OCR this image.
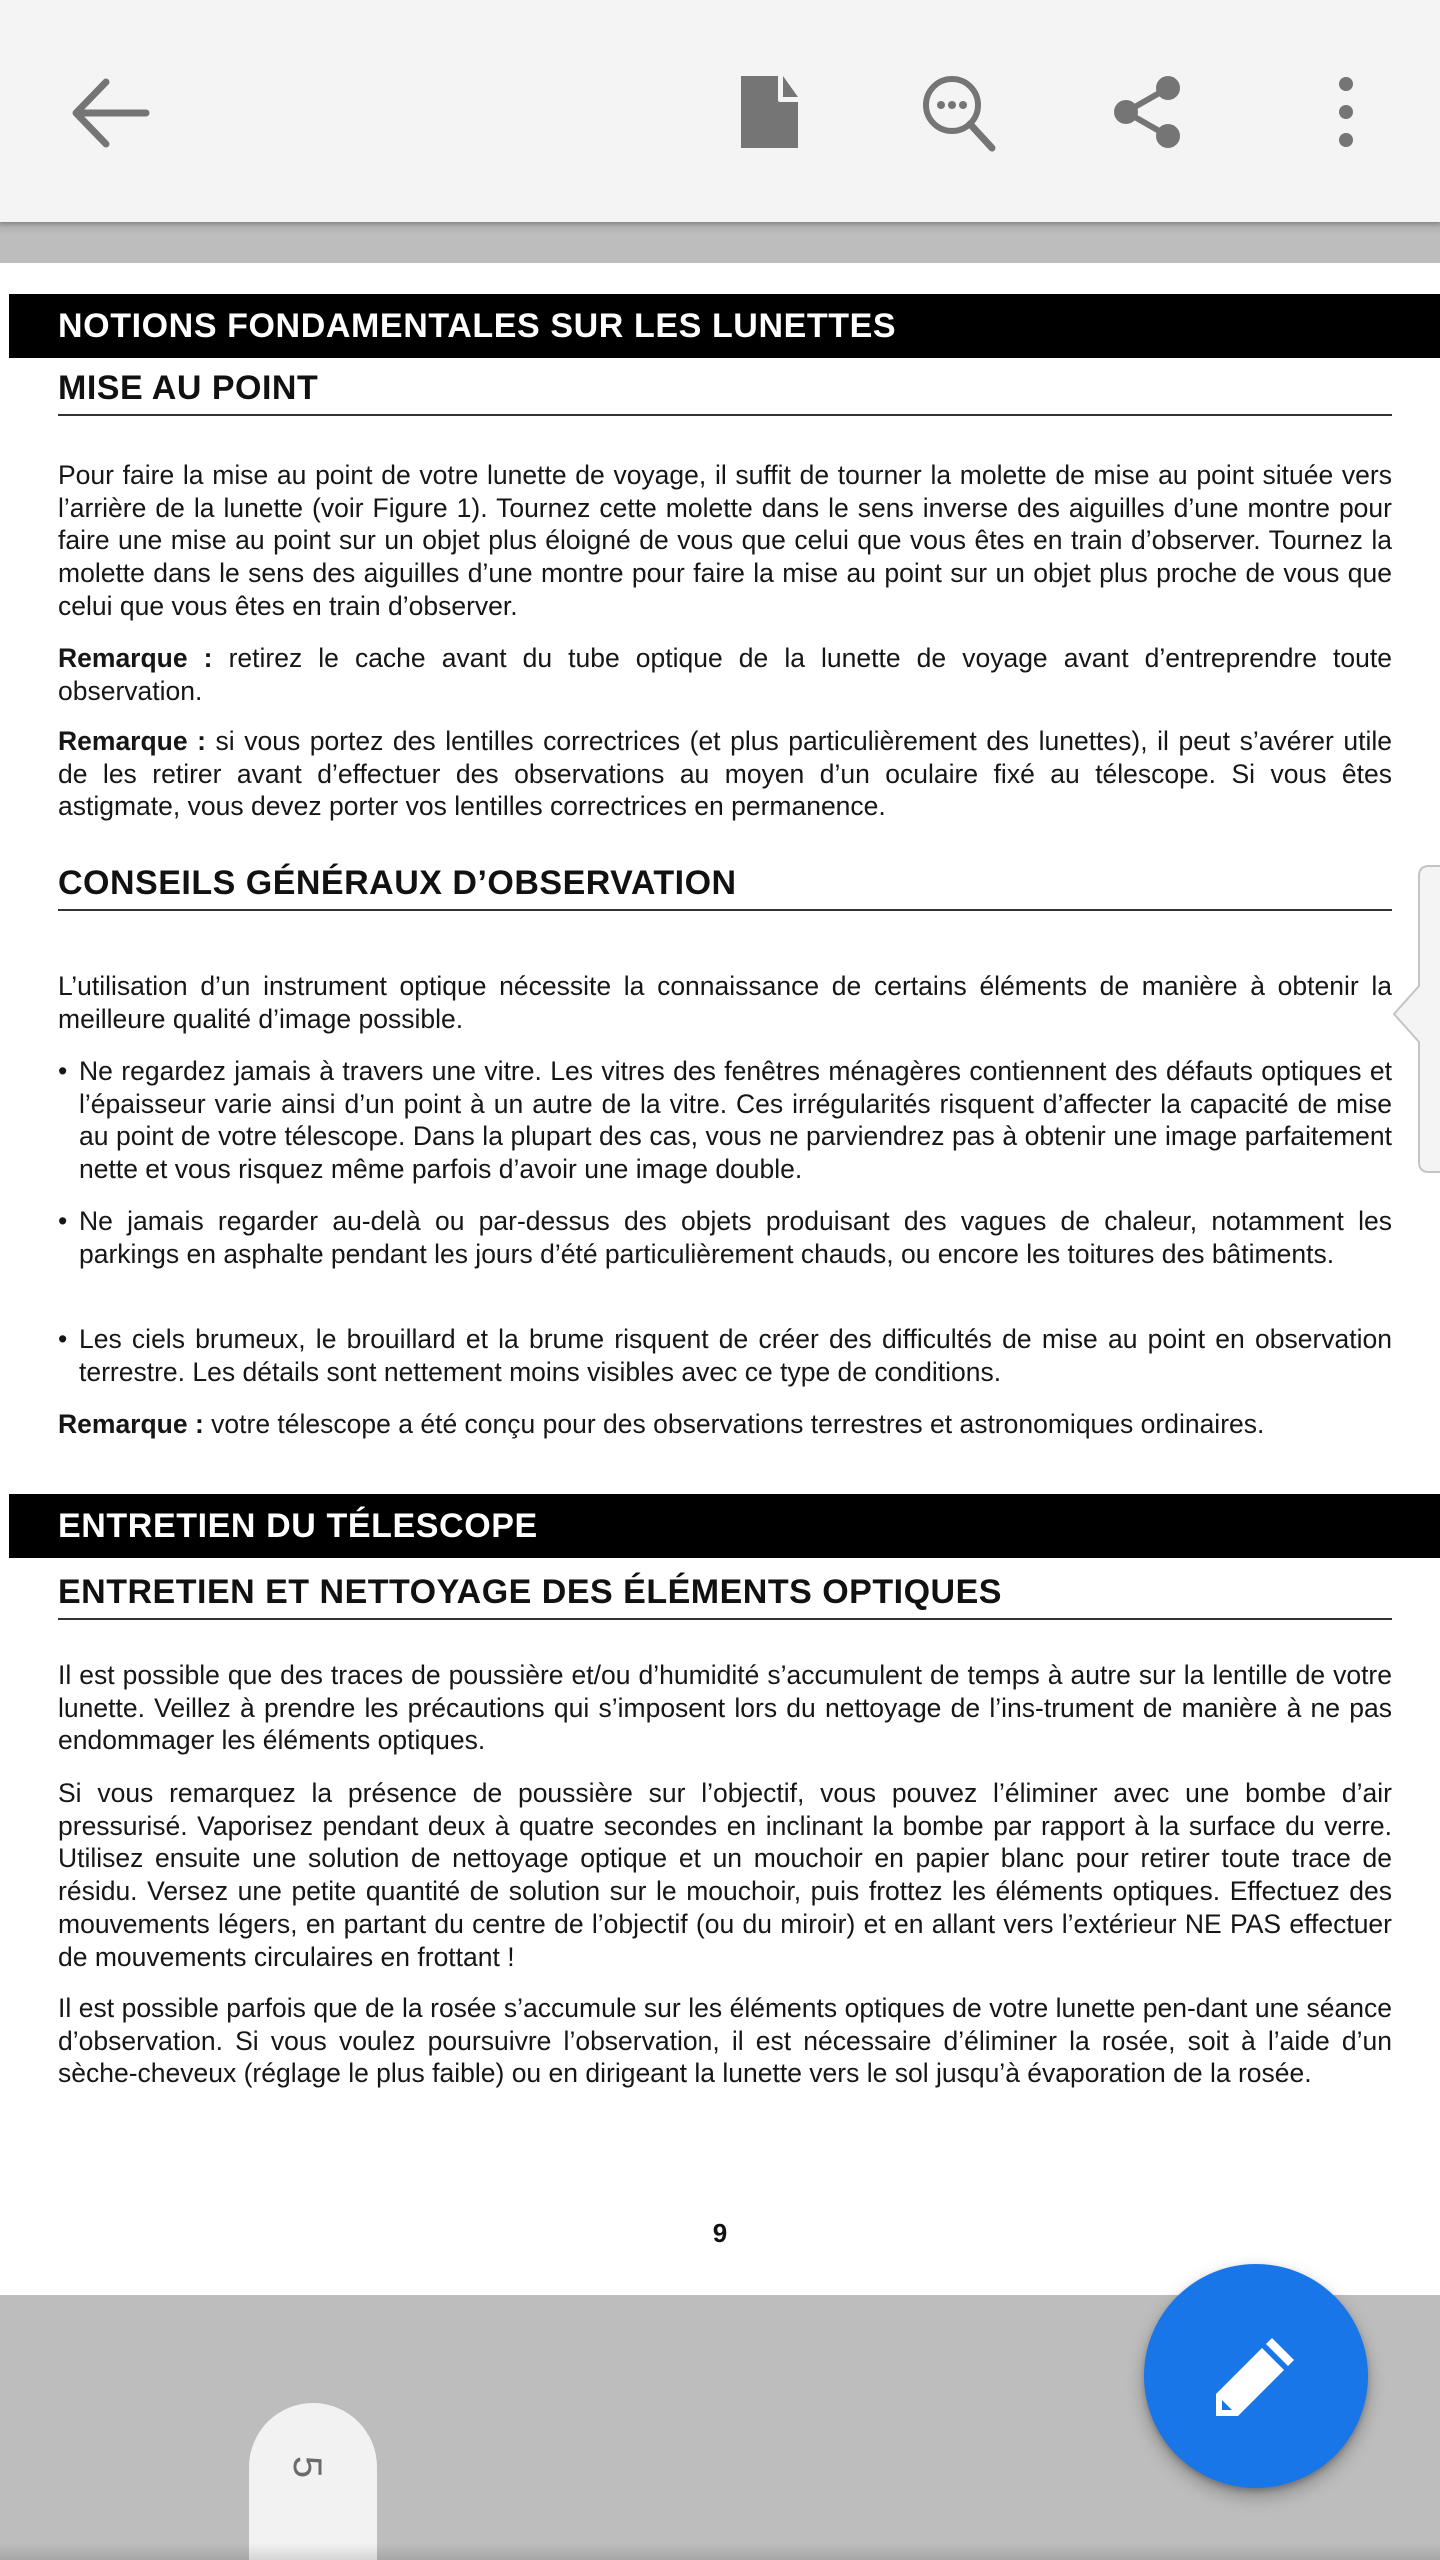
NOTIONS FONDAMENTALES SUR LES LUNETTES
MISE AU POINT
Pour faire la mise au point de votre lunette de voyage, il suffit de tourner la molette de mise au point située vers l’arrière de la lunette (voir Figure 1). Tournez cette molette dans le sens inverse des aiguilles d’une montre pour faire une mise au point sur un objet plus éloigné de vous que celui que vous êtes en train d’observer. Tournez la molette dans le sens des aiguilles d’une montre pour faire la mise au point sur un objet plus proche de vous que celui que vous êtes en train d’observer.
Remarque : retirez le cache avant du tube optique de la lunette de voyage avant d’entreprendre toute observation.
Remarque : si vous portez des lentilles correctrices (et plus particulièrement des lunettes), il peut s’avérer utile de les retirer avant d’effectuer des observations au moyen d’un oculaire fixé au télescope. Si vous êtes astigmate, vous devez porter vos lentilles correctrices en permanence.
CONSEILS GÉNÉRAUX D’OBSERVATION
L’utilisation d’un instrument optique nécessite la connaissance de certains éléments de manière à obtenir la meilleure qualité d’image possible.
• Ne regardez jamais à travers une vitre. Les vitres des fenêtres ménagères contiennent des défauts optiques et l’épaisseur varie ainsi d’un point à un autre de la vitre. Ces irrégularités risquent d’affecter la capacité de mise au point de votre télescope. Dans la plupart des cas, vous ne parviendrez pas à obtenir une image parfaitement nette et vous risquez même parfois d’avoir une image double.
• Ne jamais regarder au-delà ou par-dessus des objets produisant des vagues de chaleur, notamment les parkings en asphalte pendant les jours d’été particulièrement chauds, ou encore les toitures des bâtiments.
• Les ciels brumeux, le brouillard et la brume risquent de créer des difficultés de mise au point en observation terrestre. Les détails sont nettement moins visibles avec ce type de conditions.
Remarque : votre télescope a été conçu pour des observations terrestres et astronomiques ordinaires.
ENTRETIEN DU TÉLESCOPE
ENTRETIEN ET NETTOYAGE DES ÉLÉMENTS OPTIQUES
Il est possible que des traces de poussière et/ou d’humidité s’accumulent de temps à autre sur la lentille de votre lunette. Veillez à prendre les précautions qui s’imposent lors du nettoyage de l’ins-trument de manière à ne pas endommager les éléments optiques.
Si vous remarquez la présence de poussière sur l’objectif, vous pouvez l’éliminer avec une bombe d’air pressurisé. Vaporisez pendant deux à quatre secondes en inclinant la bombe par rapport à la surface du verre. Utilisez ensuite une solution de nettoyage optique et un mouchoir en papier blanc pour retirer toute trace de résidu. Versez une petite quantité de solution sur le mouchoir, puis frottez les éléments optiques. Effectuez des mouvements légers, en partant du centre de l’objectif (ou du miroir) et en allant vers l’extérieur NE PAS effectuer de mouvements circulaires en frottant !
Il est possible parfois que de la rosée s’accumule sur les éléments optiques de votre lunette pen-dant une séance d’observation. Si vous voulez poursuivre l’observation, il est nécessaire d’éliminer la rosée, soit à l’aide d’un sèche-cheveux (réglage le plus faible) ou en dirigeant la lunette vers le sol jusqu’à évaporation de la rosée.
9
5
